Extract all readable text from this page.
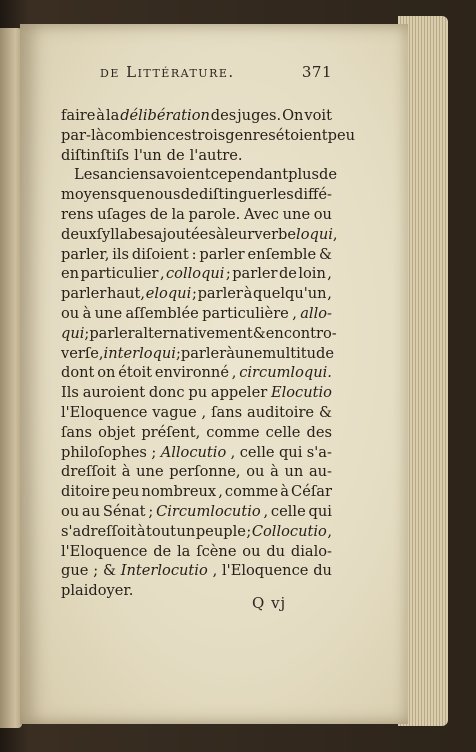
de Littérature.	371
faire à la délibération des juges. On voit
par-là combien ces trois genres étoient peu
diſtinſtiſs l'un de l'autre.
Les anciens avoient cependant plus de
moyens que nous de diſtinguer les diffé-
rens uſages de la parole. Avec une ou
deux ſyllabes ajoutées à leur verbe loqui ,
parler, ils diſoient : parler enſemble &
en particulier , colloqui ; parler de loin ,
parler haut, eloqui ; parler à quelqu'un ,
ou à une aſſemblée particulière , allo-
qui ; parler alternativement & en contro-
verſe, interloqui ; parler à une multitude
dont on étoit environné , circumloqui.
Ils auroient donc pu appeler Elocutio
l'Eloquence vague , ſans auditoire &
ſans objet préſent, comme celle des
philoſophes ; Allocutio , celle qui s'a-
dreſſoit à une perſonne, ou à un au-
ditoire peu nombreux , comme à Céſar
ou au Sénat ; Circumlocutio , celle qui
s'adreſſoit à tout un peuple ; Collocutio ,
l'Eloquence de la ſcène ou du dialo-
gue ; & Interlocutio , l'Eloquence du
plaidoyer.
Q vj
